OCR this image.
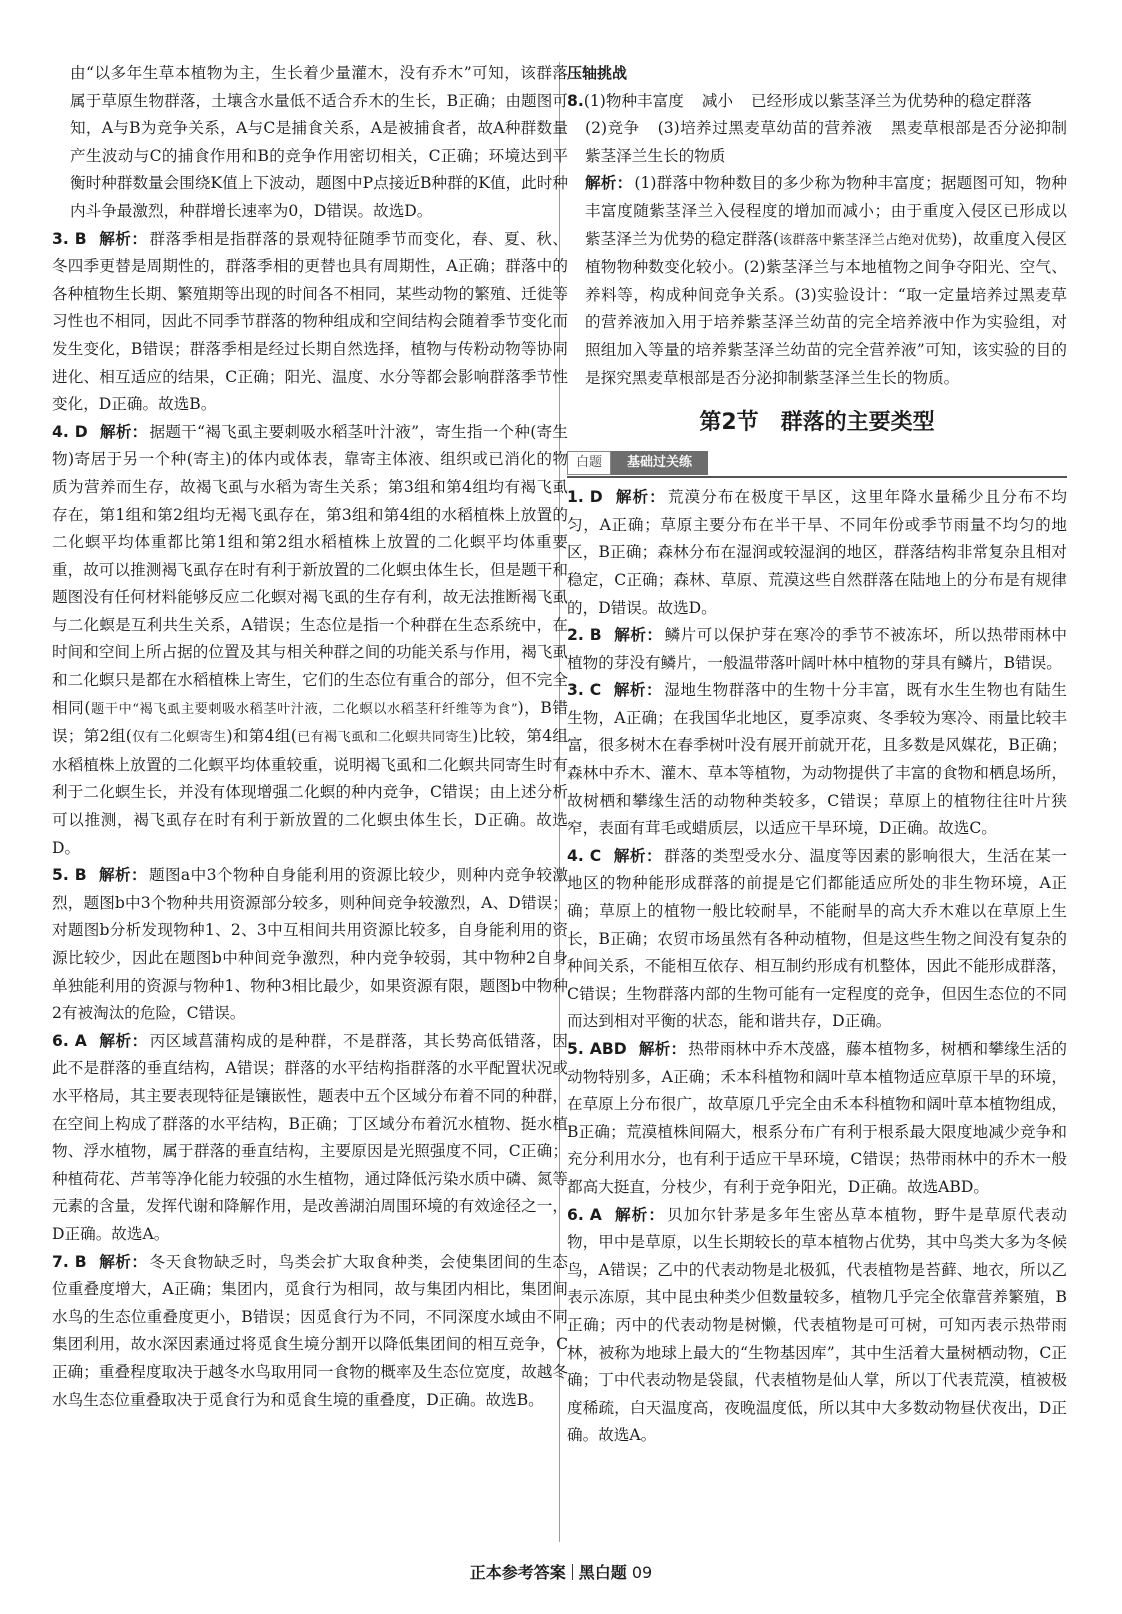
由“以多年生草本植物为主，生长着少量灌木，没有乔木”可知，该群落属于草原生物群落，土壤含水量低不适合乔木的生长，B正确；由题图可知，A与B为竞争关系，A与C是捕食关系，A是被捕食者，故A种群数量产生波动与C的捕食作用和B的竞争作用密切相关，C正确；环境达到平衡时种群数量会围绕K值上下波动，题图中P点接近B种群的K值，此时种内斗争最激烈，种群增长速率为0，D错误。故选D。

3. B 解析： 群落季相是指群落的景观特征随季节而变化，春、夏、秋、冬四季更替是周期性的，群落季相的更替也具有周期性，A正确；群落中的各种植物生长期、繁殖期等出现的时间各不相同，某些动物的繁殖、迁徙等习性也不相同，因此不同季节群落的物种组成和空间结构会随着季节变化而发生变化，B错误；群落季相是经过长期自然选择，植物与传粉动物等协同进化、相互适应的结果，C正确；阳光、温度、水分等都会影响群落季节性变化，D正确。故选B。

4. D 解析： 据题干“褐飞虱主要刺吸水稻茎叶汁液”，寄生指一个种(寄生物)寄居于另一个种(寄主)的体内或体表，靠寄主体液、组织或已消化的物质为营养而生存，故褐飞虱与水稻为寄生关系；第3组和第4组均有褐飞虱存在，第1组和第2组均无褐飞虱存在，第3组和第4组的水稻植株上放置的二化螟平均体重都比第1组和第2组水稻植株上放置的二化螟平均体重要重，故可以推测褐飞虱存在时有利于新放置的二化螟虫体生长，但是题干和题图没有任何材料能够反应二化螟对褐飞虱的生存有利，故无法推断褐飞虱与二化螟是互利共生关系，A错误；生态位是指一个种群在生态系统中，在时间和空间上所占据的位置及其与相关种群之间的功能关系与作用，褐飞虱和二化螟只是都在水稻植株上寄生，它们的生态位有重合的部分，但不完全相同(题干中“褐飞虱主要刺吸水稻茎叶汁液，二化螟以水稻茎秆纤维等为食”)，B错误；第2组(仅有二化螟寄生)和第4组(已有褐飞虱和二化螟共同寄生)比较，第4组水稻植株上放置的二化螟平均体重较重，说明褐飞虱和二化螟共同寄生时有利于二化螟生长，并没有体现增强二化螟的种内竞争，C错误；由上述分析可以推测，褐飞虱存在时有利于新放置的二化螟虫体生长，D正确。故选D。

5. B 解析： 题图a中3个物种自身能利用的资源比较少，则种内竞争较激烈，题图b中3个物种共用资源部分较多，则种间竞争较激烈，A、D错误；对题图b分析发现物种1、2、3中互相间共用资源比较多，自身能利用的资源比较少，因此在题图b中种间竞争激烈，种内竞争较弱，其中物种2自身单独能利用的资源与物种1、物种3相比最少，如果资源有限，题图b中物种2有被淘汰的危险，C错误。

6. A 解析： 丙区域菖蒲构成的是种群，不是群落，其长势高低错落，因此不是群落的垂直结构，A错误；群落的水平结构指群落的水平配置状况或水平格局，其主要表现特征是镶嵌性，题表中五个区域分布着不同的种群，在空间上构成了群落的水平结构，B正确；丁区域分布着沉水植物、挺水植物、浮水植物，属于群落的垂直结构，主要原因是光照强度不同，C正确；种植荷花、芦苇等净化能力较强的水生植物，通过降低污染水质中磷、氮等元素的含量，发挥代谢和降解作用，是改善湖泊周围环境的有效途径之一，D正确。故选A。

7. B 解析： 冬天食物缺乏时，鸟类会扩大取食种类，会使集团间的生态位重叠度增大，A正确；集团内，觅食行为相同，故与集团内相比，集团间水鸟的生态位重叠度更小，B错误；因觅食行为不同，不同深度水域由不同集团利用，故水深因素通过将觅食生境分割开以降低集团间的相互竞争，C正确；重叠程度取决于越冬水鸟取用同一食物的概率及生态位宽度，故越冬水鸟生态位重叠取决于觅食行为和觅食生境的重叠度，D正确。故选B。

压轴挑战

8.(1)物种丰富度 减小 已经形成以紫茎泽兰为优势种的稳定群落

(2)竞争 (3)培养过黑麦草幼苗的营养液 黑麦草根部是否分泌抑制紫茎泽兰生长的物质

解析： (1)群落中物种数目的多少称为物种丰富度；据题图可知，物种丰富度随紫茎泽兰入侵程度的增加而减小；由于重度入侵区已形成以紫茎泽兰为优势的稳定群落(该群落中紫茎泽兰占绝对优势)，故重度入侵区植物物种数变化较小。(2)紫茎泽兰与本地植物之间争夺阳光、空气、养料等，构成种间竞争关系。(3)实验设计：“取一定量培养过黑麦草的营养液加入用于培养紫茎泽兰幼苗的完全培养液中作为实验组，对照组加入等量的培养紫茎泽兰幼苗的完全营养液”可知，该实验的目的是探究黑麦草根部是否分泌抑制紫茎泽兰生长的物质。

第2节 群落的主要类型
白题	基础过关练

1. D 解析： 荒漠分布在极度干旱区，这里年降水量稀少且分布不均匀，A正确；草原主要分布在半干旱、不同年份或季节雨量不均匀的地区，B正确；森林分布在湿润或较湿润的地区，群落结构非常复杂且相对稳定，C正确；森林、草原、荒漠这些自然群落在陆地上的分布是有规律的，D错误。故选D。

2. B 解析： 鳞片可以保护芽在寒冷的季节不被冻坏，所以热带雨林中植物的芽没有鳞片，一般温带落叶阔叶林中植物的芽具有鳞片，B错误。

3. C 解析： 湿地生物群落中的生物十分丰富，既有水生生物也有陆生生物，A正确；在我国华北地区，夏季凉爽、冬季较为寒冷、雨量比较丰富，很多树木在春季树叶没有展开前就开花，且多数是风媒花，B正确；森林中乔木、灌木、草本等植物，为动物提供了丰富的食物和栖息场所，故树栖和攀缘生活的动物种类较多，C错误；草原上的植物往往叶片狭窄，表面有茸毛或蜡质层，以适应干旱环境，D正确。故选C。

4. C 解析： 群落的类型受水分、温度等因素的影响很大，生活在某一地区的物种能形成群落的前提是它们都能适应所处的非生物环境，A正确；草原上的植物一般比较耐旱，不能耐旱的高大乔木难以在草原上生长，B正确；农贸市场虽然有各种动植物，但是这些生物之间没有复杂的种间关系，不能相互依存、相互制约形成有机整体，因此不能形成群落，C错误；生物群落内部的生物可能有一定程度的竞争，但因生态位的不同而达到相对平衡的状态，能和谐共存，D正确。

5. ABD 解析： 热带雨林中乔木茂盛，藤本植物多，树栖和攀缘生活的动物特别多，A正确；禾本科植物和阔叶草本植物适应草原干旱的环境，在草原上分布很广，故草原几乎完全由禾本科植物和阔叶草本植物组成，B正确；荒漠植株间隔大，根系分布广有利于根系最大限度地减少竞争和充分利用水分，也有利于适应干旱环境，C错误；热带雨林中的乔木一般都高大挺直，分枝少，有利于竞争阳光，D正确。故选ABD。

6. A 解析： 贝加尔针茅是多年生密丛草本植物，野牛是草原代表动物，甲中是草原，以生长期较长的草本植物占优势，其中鸟类大多为冬候鸟，A错误；乙中的代表动物是北极狐，代表植物是苔藓、地衣，所以乙表示冻原，其中昆虫种类少但数量较多，植物几乎完全依靠营养繁殖，B正确；丙中的代表动物是树懒，代表植物是可可树，可知丙表示热带雨林，被称为地球上最大的“生物基因库”，其中生活着大量树栖动物，C正确；丁中代表动物是袋鼠，代表植物是仙人掌，所以丁代表荒漠，植被极度稀疏，白天温度高，夜晚温度低，所以其中大多数动物昼伏夜出，D正确。故选A。

正本参考答案 黑白题 09
